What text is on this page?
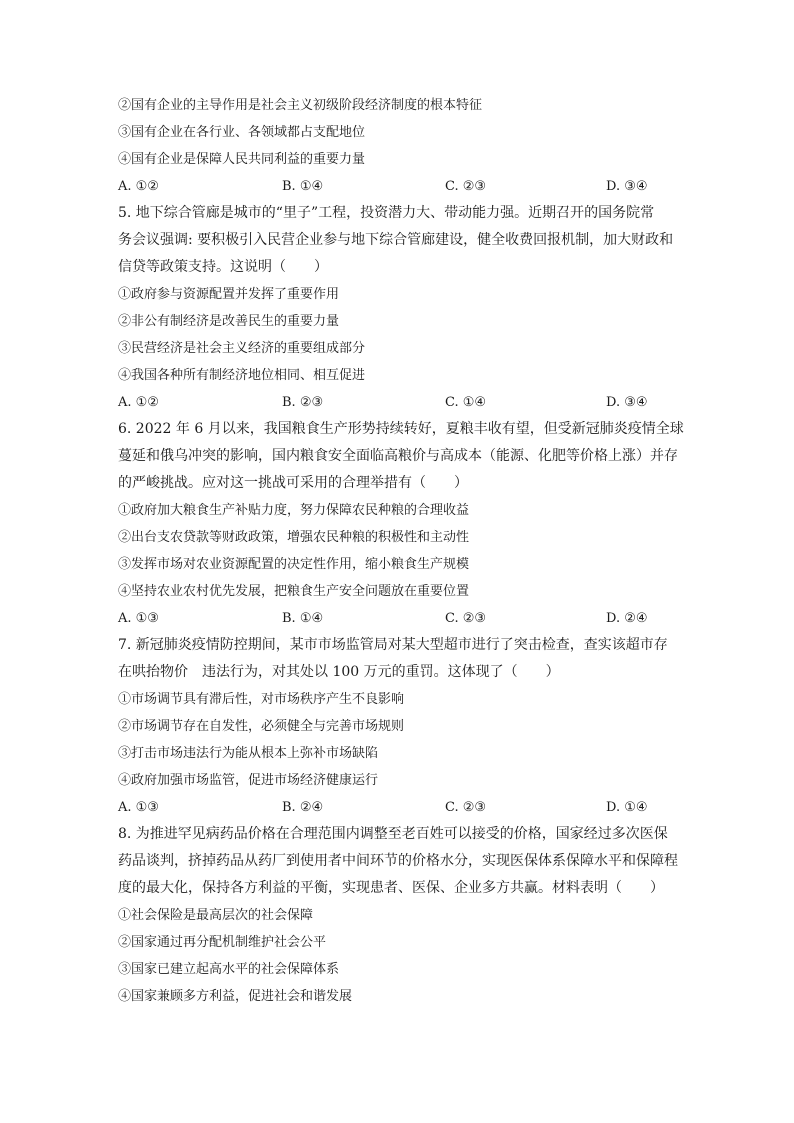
②国有企业的主导作用是社会主义初级阶段经济制度的根本特征
③国有企业在各行业、各领域都占支配地位
④国有企业是保障人民共同利益的重要力量
A. ①②	B. ①④	C. ②③	D. ③④
5. 地下综合管廊是城市的“里子”工程，投资潜力大、带动能力强。近期召开的国务院常
务会议强调: 要积极引入民营企业参与地下综合管廊建设，健全收费回报机制，加大财政和
信贷等政策支持。这说明（　　）
①政府参与资源配置并发挥了重要作用
②非公有制经济是改善民生的重要力量
③民营经济是社会主义经济的重要组成部分
④我国各种所有制经济地位相同、相互促进
A. ①②	B. ②③	C. ①④	D. ③④
6. 2022 年 6 月以来，我国粮食生产形势持续转好，夏粮丰收有望，但受新冠肺炎疫情全球
蔓延和俄乌冲突的影响，国内粮食安全面临高粮价与高成本（能源、化肥等价格上涨）并存
的严峻挑战。应对这一挑战可采用的合理举措有（　　）
①政府加大粮食生产补贴力度，努力保障农民种粮的合理收益
②出台支农贷款等财政政策，增强农民种粮的积极性和主动性
③发挥市场对农业资源配置的决定性作用，缩小粮食生产规模
④坚持农业农村优先发展，把粮食生产安全问题放在重要位置
A. ①③	B. ①④	C. ②③	D. ②④
7. 新冠肺炎疫情防控期间，某市市场监管局对某大型超市进行了突击检查，查实该超市存
在哄抬物价　违法行为，对其处以 100 万元的重罚。这体现了（　　）
①市场调节具有滞后性，对市场秩序产生不良影响
②市场调节存在自发性，必须健全与完善市场规则
③打击市场违法行为能从根本上弥补市场缺陷
④政府加强市场监管，促进市场经济健康运行
A. ①③	B. ②④	C. ②③	D. ①④
8. 为推进罕见病药品价格在合理范围内调整至老百姓可以接受的价格，国家经过多次医保
药品谈判，挤掉药品从药厂到使用者中间环节的价格水分，实现医保体系保障水平和保障程
度的最大化，保持各方利益的平衡，实现患者、医保、企业多方共赢。材料表明（　　）
①社会保险是最高层次的社会保障
②国家通过再分配机制维护社会公平
③国家已建立起高水平的社会保障体系
④国家兼顾多方利益，促进社会和谐发展
